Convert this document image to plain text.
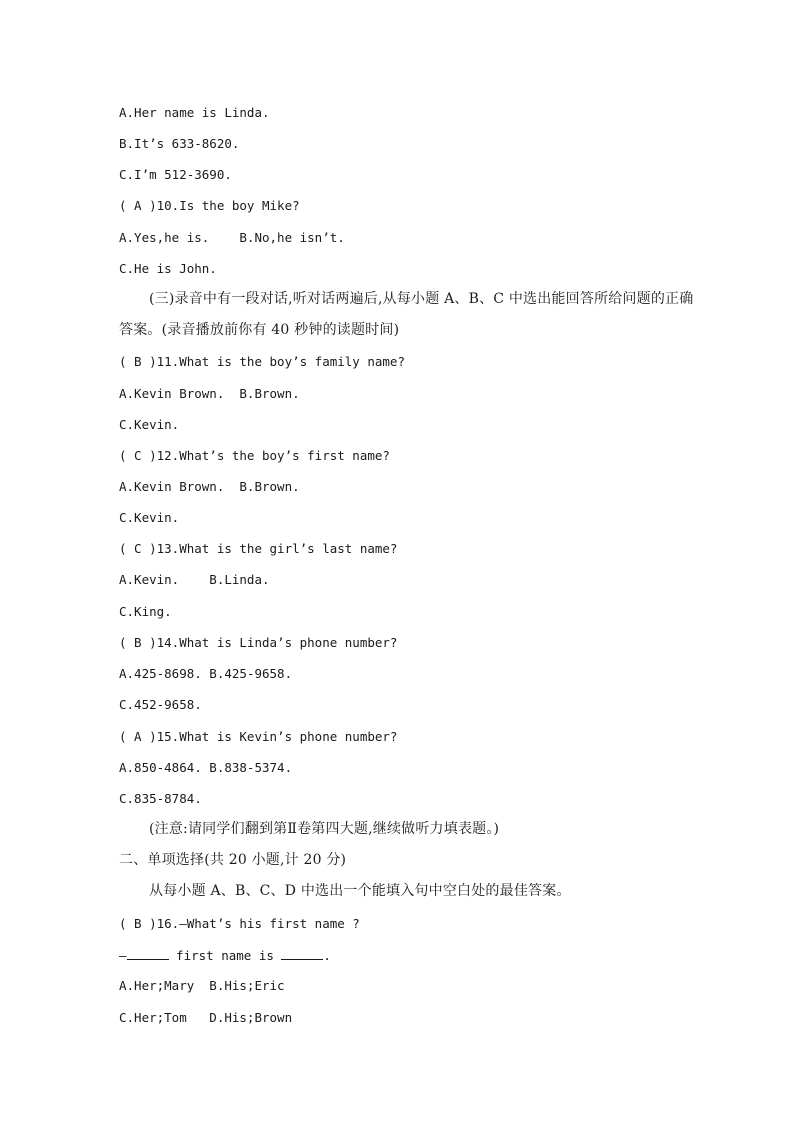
A.Her name is Linda.
B.It’s 633-8620.
C.I’m 512-3690.
( A )10.Is the boy Mike?
A.Yes,he is.    B.No,he isn’t.
C.He is John.
(三)录音中有一段对话,听对话两遍后,从每小题 A、B、C 中选出能回答所给问题的正确
答案。(录音播放前你有 40 秒钟的读题时间)
( B )11.What is the boy’s family name?
A.Kevin Brown.  B.Brown.
C.Kevin.
( C )12.What’s the boy’s first name?
A.Kevin Brown.  B.Brown.
C.Kevin.
( C )13.What is the girl’s last name?
A.Kevin.    B.Linda.
C.King.
( B )14.What is Linda’s phone number?
A.425-8698. B.425-9658.
C.452-9658.
( A )15.What is Kevin’s phone number?
A.850-4864. B.838-5374.
C.835-8784.
(注意:请同学们翻到第Ⅱ卷第四大题,继续做听力填表题。)
二、单项选择(共 20 小题,计 20 分)
从每小题 A、B、C、D 中选出一个能填入句中空白处的最佳答案。
( B )16.—What’s his first name ?
—	first name is	.
A.Her;Mary  B.His;Eric
C.Her;Tom   D.His;Brown
